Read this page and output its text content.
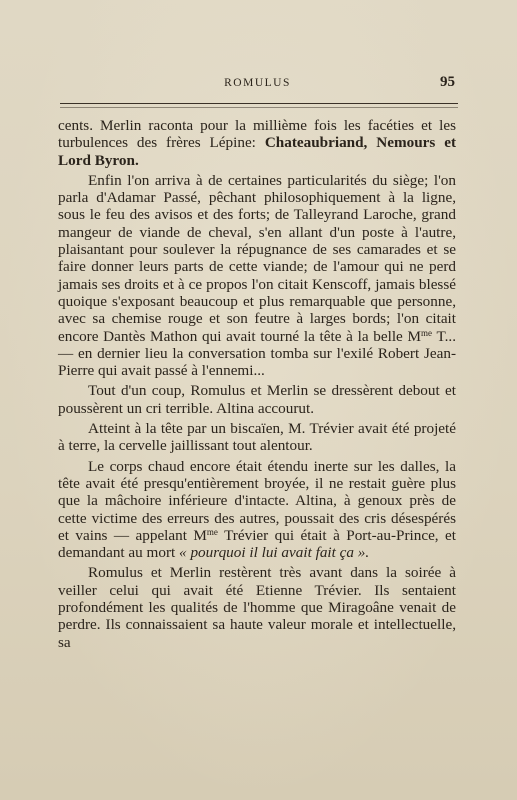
ROMULUS	95

cents. Merlin raconta pour la millième fois les facéties et les turbulences des frères Lépine: Chateaubriand, Nemours et Lord Byron.

Enfin l'on arriva à de certaines particularités du siège; l'on parla d'Adamar Passé, pêchant philosophiquement à la ligne, sous le feu des avisos et des forts; de Talleyrand Laroche, grand mangeur de viande de cheval, s'en allant d'un poste à l'autre, plaisantant pour soulever la répugnance de ses camarades et se faire donner leurs parts de cette viande; de l'amour qui ne perd jamais ses droits et à ce propos l'on citait Kenscoff, jamais blessé quoique s'exposant beaucoup et plus remarquable que personne, avec sa chemise rouge et son feutre à larges bords; l'on citait encore Dantès Mathon qui avait tourné la tête à la belle $M^{me}$ T... — en dernier lieu la conversation tomba sur l'exilé Robert Jean-Pierre qui avait passé à l'ennemi...

Tout d'un coup, Romulus et Merlin se dressèrent debout et poussèrent un cri terrible. Altina accourut.

Atteint à la tête par un biscaïen, M. Trévier avait été projeté à terre, la cervelle jaillissant tout alentour.

Le corps chaud encore était étendu inerte sur les dalles, la tête avait été presqu'entièrement broyée, il ne restait guère plus que la mâchoire inférieure d'intacte. Altina, à genoux près de cette victime des erreurs des autres, poussait des cris désespérés et vains — appelant $M^{me}$ Trévier qui était à Port-au-Prince, et demandant au mort « pourquoi il lui avait fait ça ».

Romulus et Merlin restèrent très avant dans la soirée à veiller celui qui avait été Etienne Trévier. Ils sentaient profondément les qualités de l'homme que Miragoâne venait de perdre. Ils connaissaient sa haute valeur morale et intellectuelle, sa
